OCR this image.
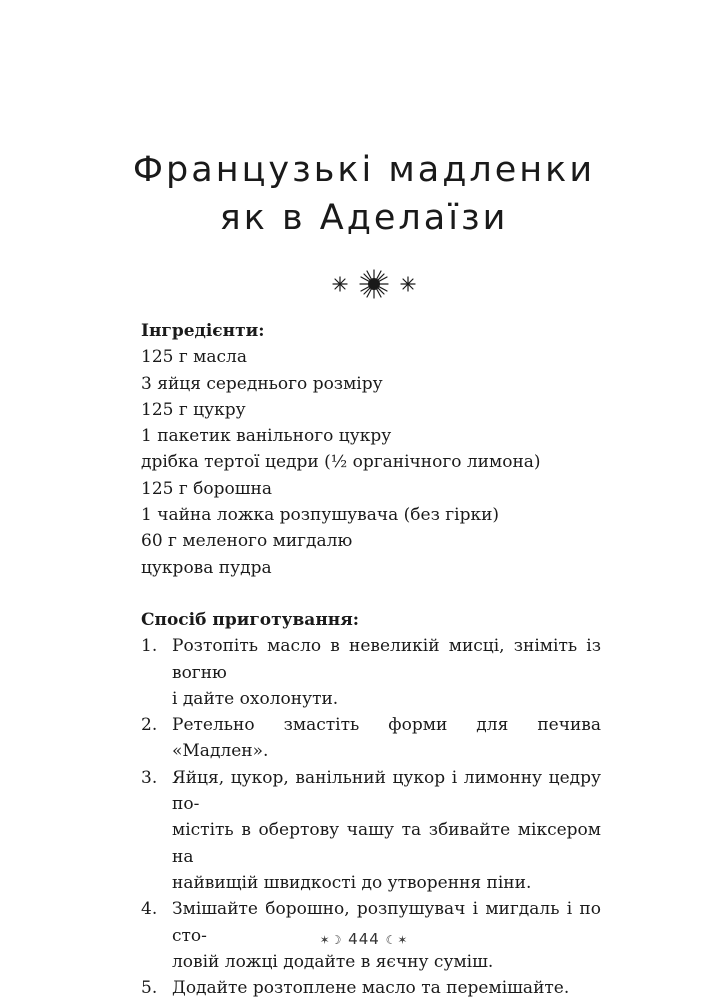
Французькі мадленки
як в Аделаїзи

Інгредієнти:

125 г масла
3 яйця середнього розміру
125 г цукру
1 пакетик ванільного цукру
дрібка тертої цедри (½ органічного лимона)
125 г борошна
1 чайна ложка розпушувача (без гірки)
60 г меленого мигдалю
цукрова пудра

Спосіб приготування:

1. Розтопіть масло в невеликій мисці, зніміть із вогню
і дайте охолонути.
2. Ретельно змастіть форми для печива «Мадлен».
3. Яйця, цукор, ванільний цукор і лимонну цедру по-
містіть в обертову чашу та збивайте міксером на
найвищій швидкості до утворення піни.
4. Змішайте борошно, розпушувач і мигдаль і по сто-
ловій ложці додайте в яєчну суміш.
5. Додайте розтоплене масло та перемішайте.
✶☽ 444 ☾✶
